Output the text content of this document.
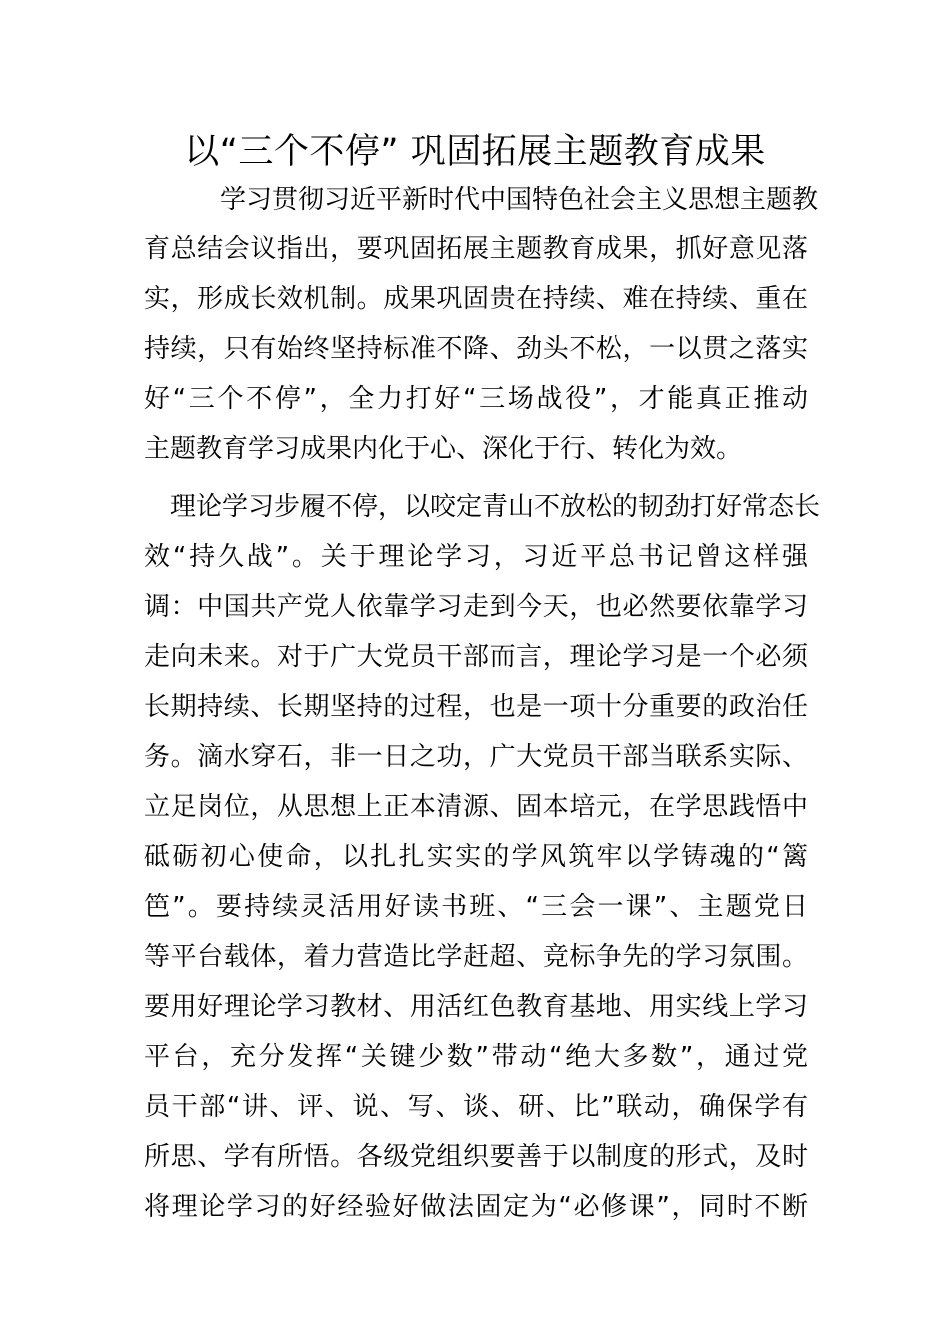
以“三个不停” 巩固拓展主题教育成果
学习贯彻习近平新时代中国特色社会主义思想主题教
育总结会议指出，要巩固拓展主题教育成果，抓好意见落
实，形成长效机制。成果巩固贵在持续、难在持续、重在
持续，只有始终坚持标准不降、劲头不松，一以贯之落实
好“三个不停”，全力打好“三场战役”，才能真正推动
主题教育学习成果内化于心、深化于行、转化为效。
理论学习步履不停，以咬定青山不放松的韧劲打好常态长
效“持久战”。关于理论学习，习近平总书记曾这样强
调：中国共产党人依靠学习走到今天，也必然要依靠学习
走向未来。对于广大党员干部而言，理论学习是一个必须
长期持续、长期坚持的过程，也是一项十分重要的政治任
务。滴水穿石，非一日之功，广大党员干部当联系实际、
立足岗位，从思想上正本清源、固本培元，在学思践悟中
砥砺初心使命，以扎扎实实的学风筑牢以学铸魂的“篱
笆”。要持续灵活用好读书班、“三会一课”、主题党日
等平台载体，着力营造比学赶超、竞标争先的学习氛围。
要用好理论学习教材、用活红色教育基地、用实线上学习
平台，充分发挥“关键少数”带动“绝大多数”，通过党
员干部“讲、评、说、写、谈、研、比”联动，确保学有
所思、学有所悟。各级党组织要善于以制度的形式，及时
将理论学习的好经验好做法固定为“必修课”，同时不断
